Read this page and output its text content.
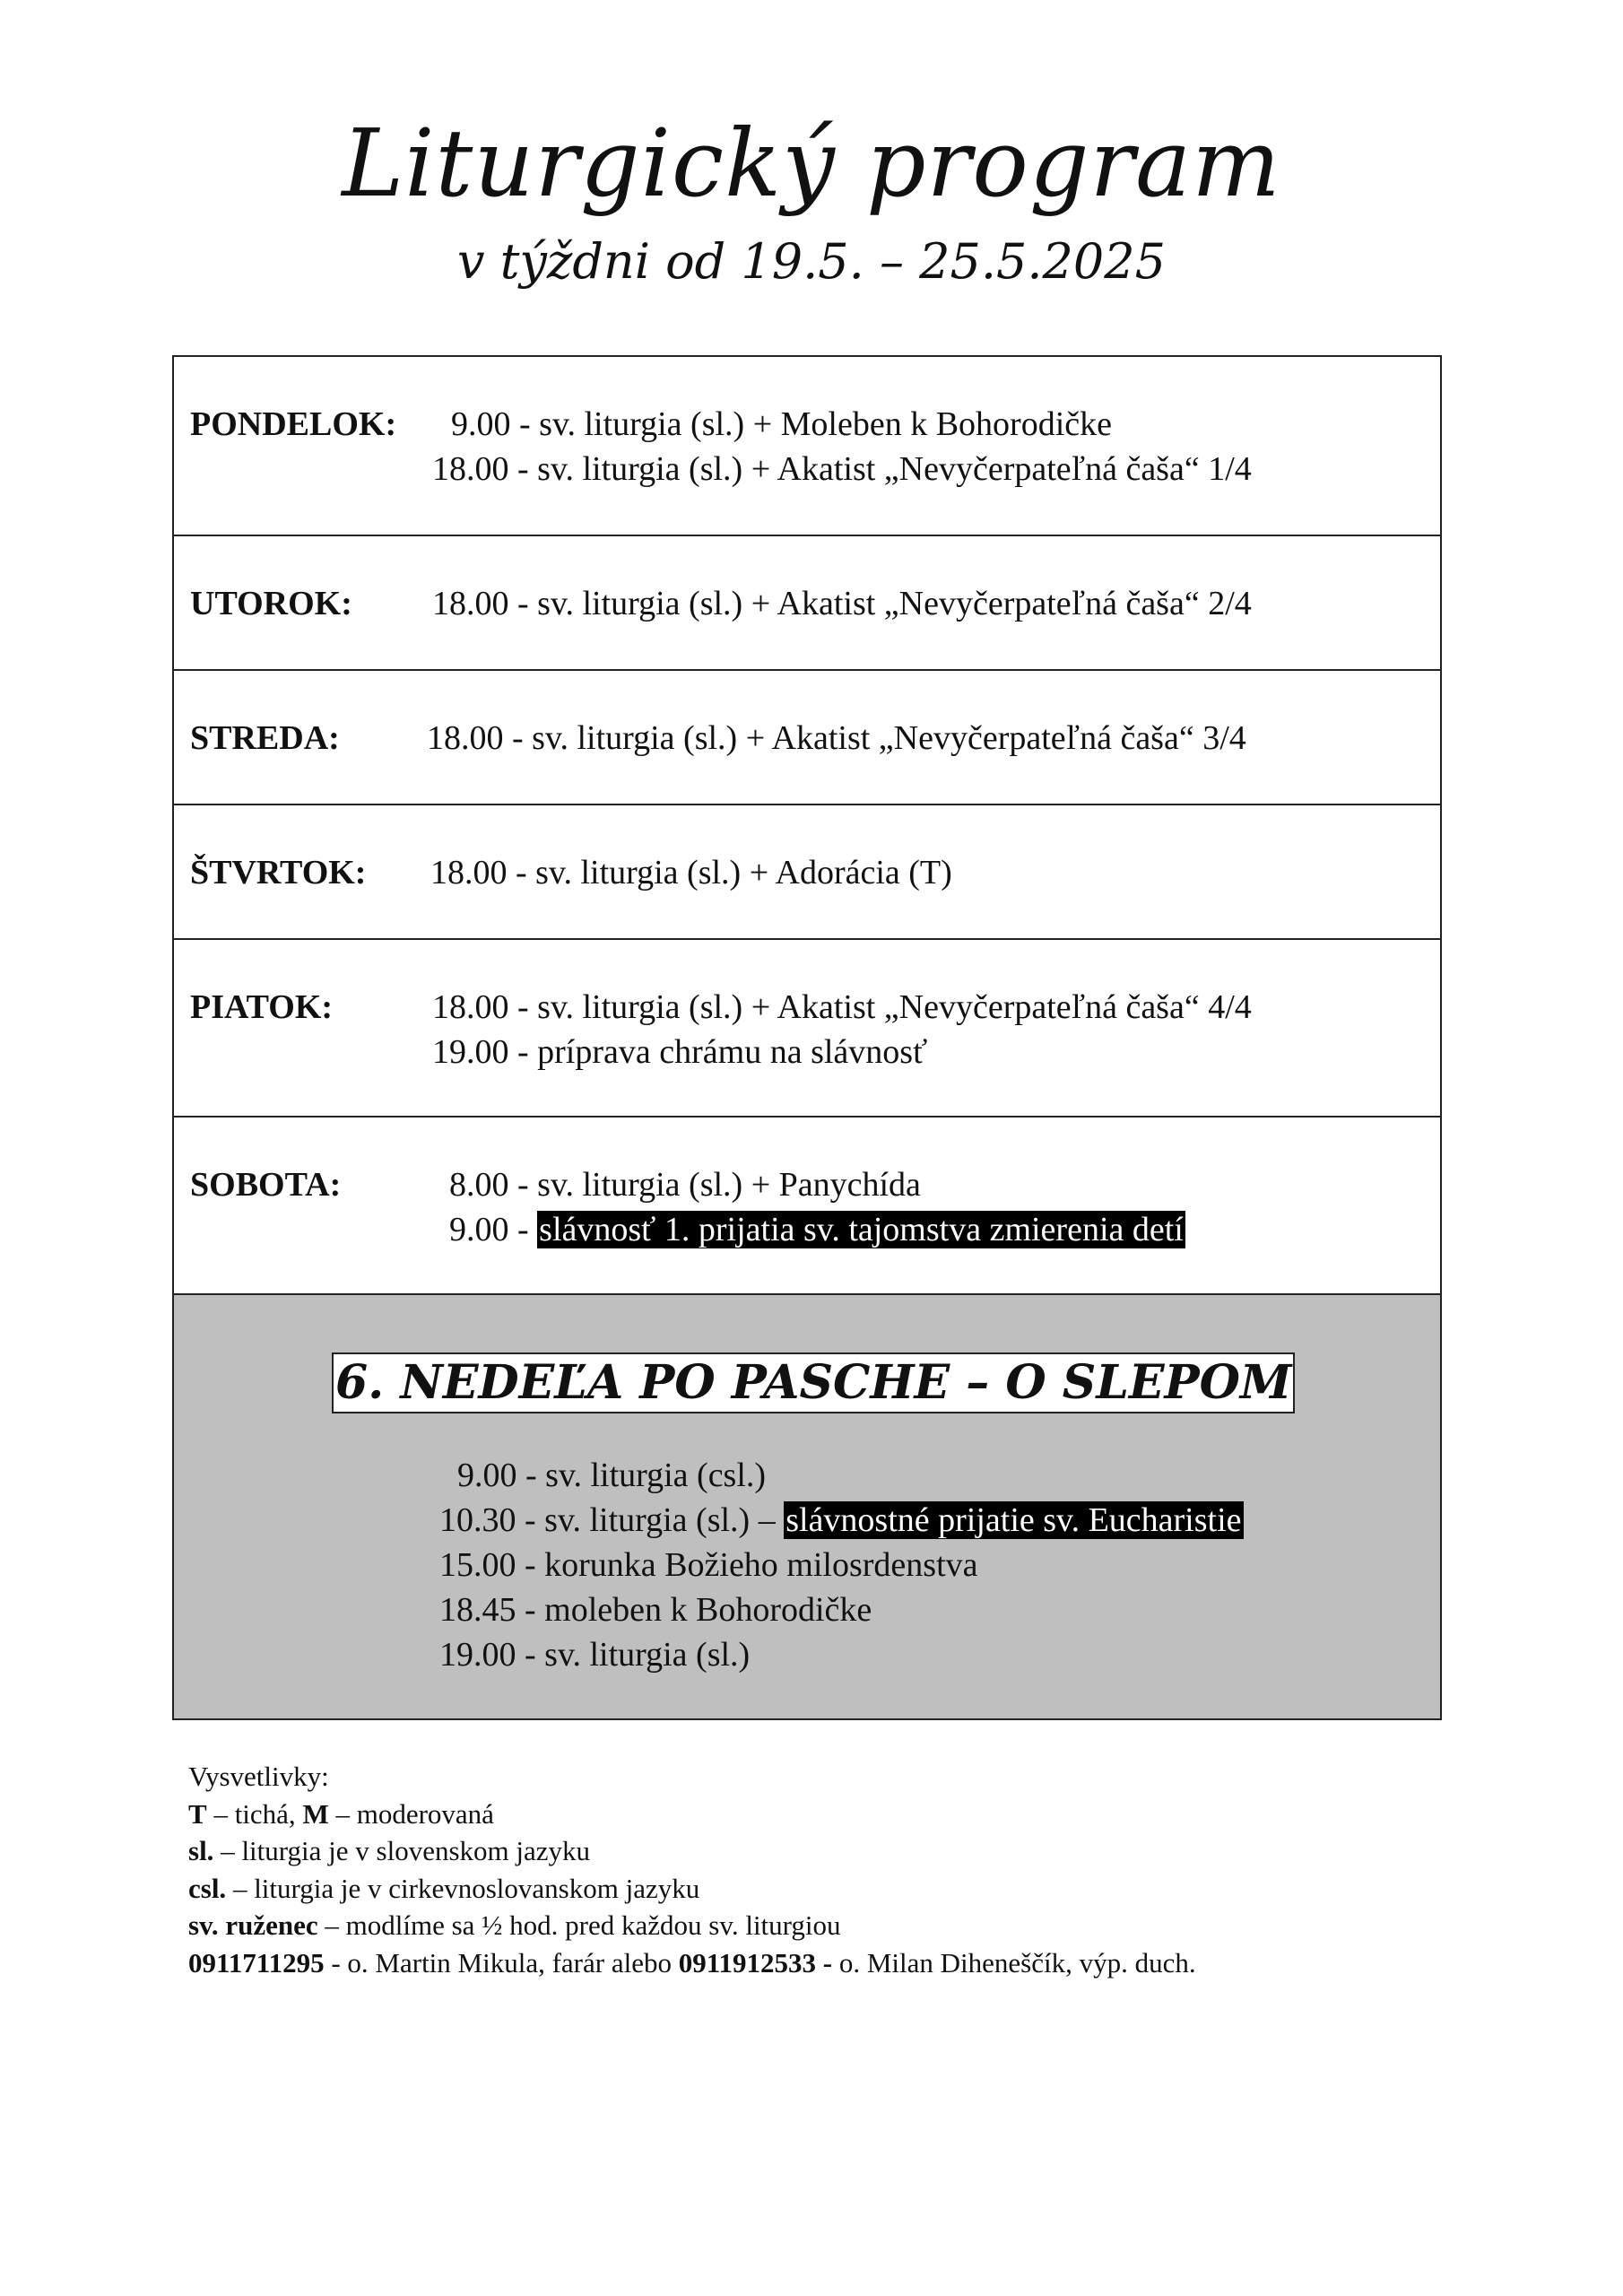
Liturgický program
v týždni od 19.5. – 25.5.2025
PONDELOK: 9.00 - sv. liturgia (sl.) + Moleben k Bohorodičke
18.00 - sv. liturgia (sl.) + Akatist „Nevyčerpateľná čaša“ 1/4
UTOROK: 18.00 - sv. liturgia (sl.) + Akatist „Nevyčerpateľná čaša“ 2/4
STREDA:	18.00 - sv. liturgia (sl.) + Akatist „Nevyčerpateľná čaša“ 3/4
ŠTVRTOK: 18.00 - sv. liturgia (sl.) + Adorácia (T)
PIATOK:	18.00 - sv. liturgia (sl.) + Akatist „Nevyčerpateľná čaša“ 4/4
19.00 - príprava chrámu na slávnosť
SOBOTA:	8.00 - sv. liturgia (sl.) + Panychída
9.00 - slávnosť 1. prijatia sv. tajomstva zmierenia detí
6. NEDEĽA PO PASCHE – O SLEPOM
9.00 - sv. liturgia (csl.)
10.30 - sv. liturgia (sl.) – slávnostné prijatie sv. Eucharistie
15.00 - korunka Božieho milosrdenstva
18.45 - moleben k Bohorodičke
19.00 - sv. liturgia (sl.)
Vysvetlivky:
T – tichá, M – moderovaná
sl. – liturgia je v slovenskom jazyku
csl. – liturgia je v cirkevnoslovanskom jazyku
sv. ruženec – modlíme sa ½ hod. pred každou sv. liturgiou
0911711295 - o. Martin Mikula, farár alebo 0911912533 - o. Milan Diheneščík, výp. duch.
